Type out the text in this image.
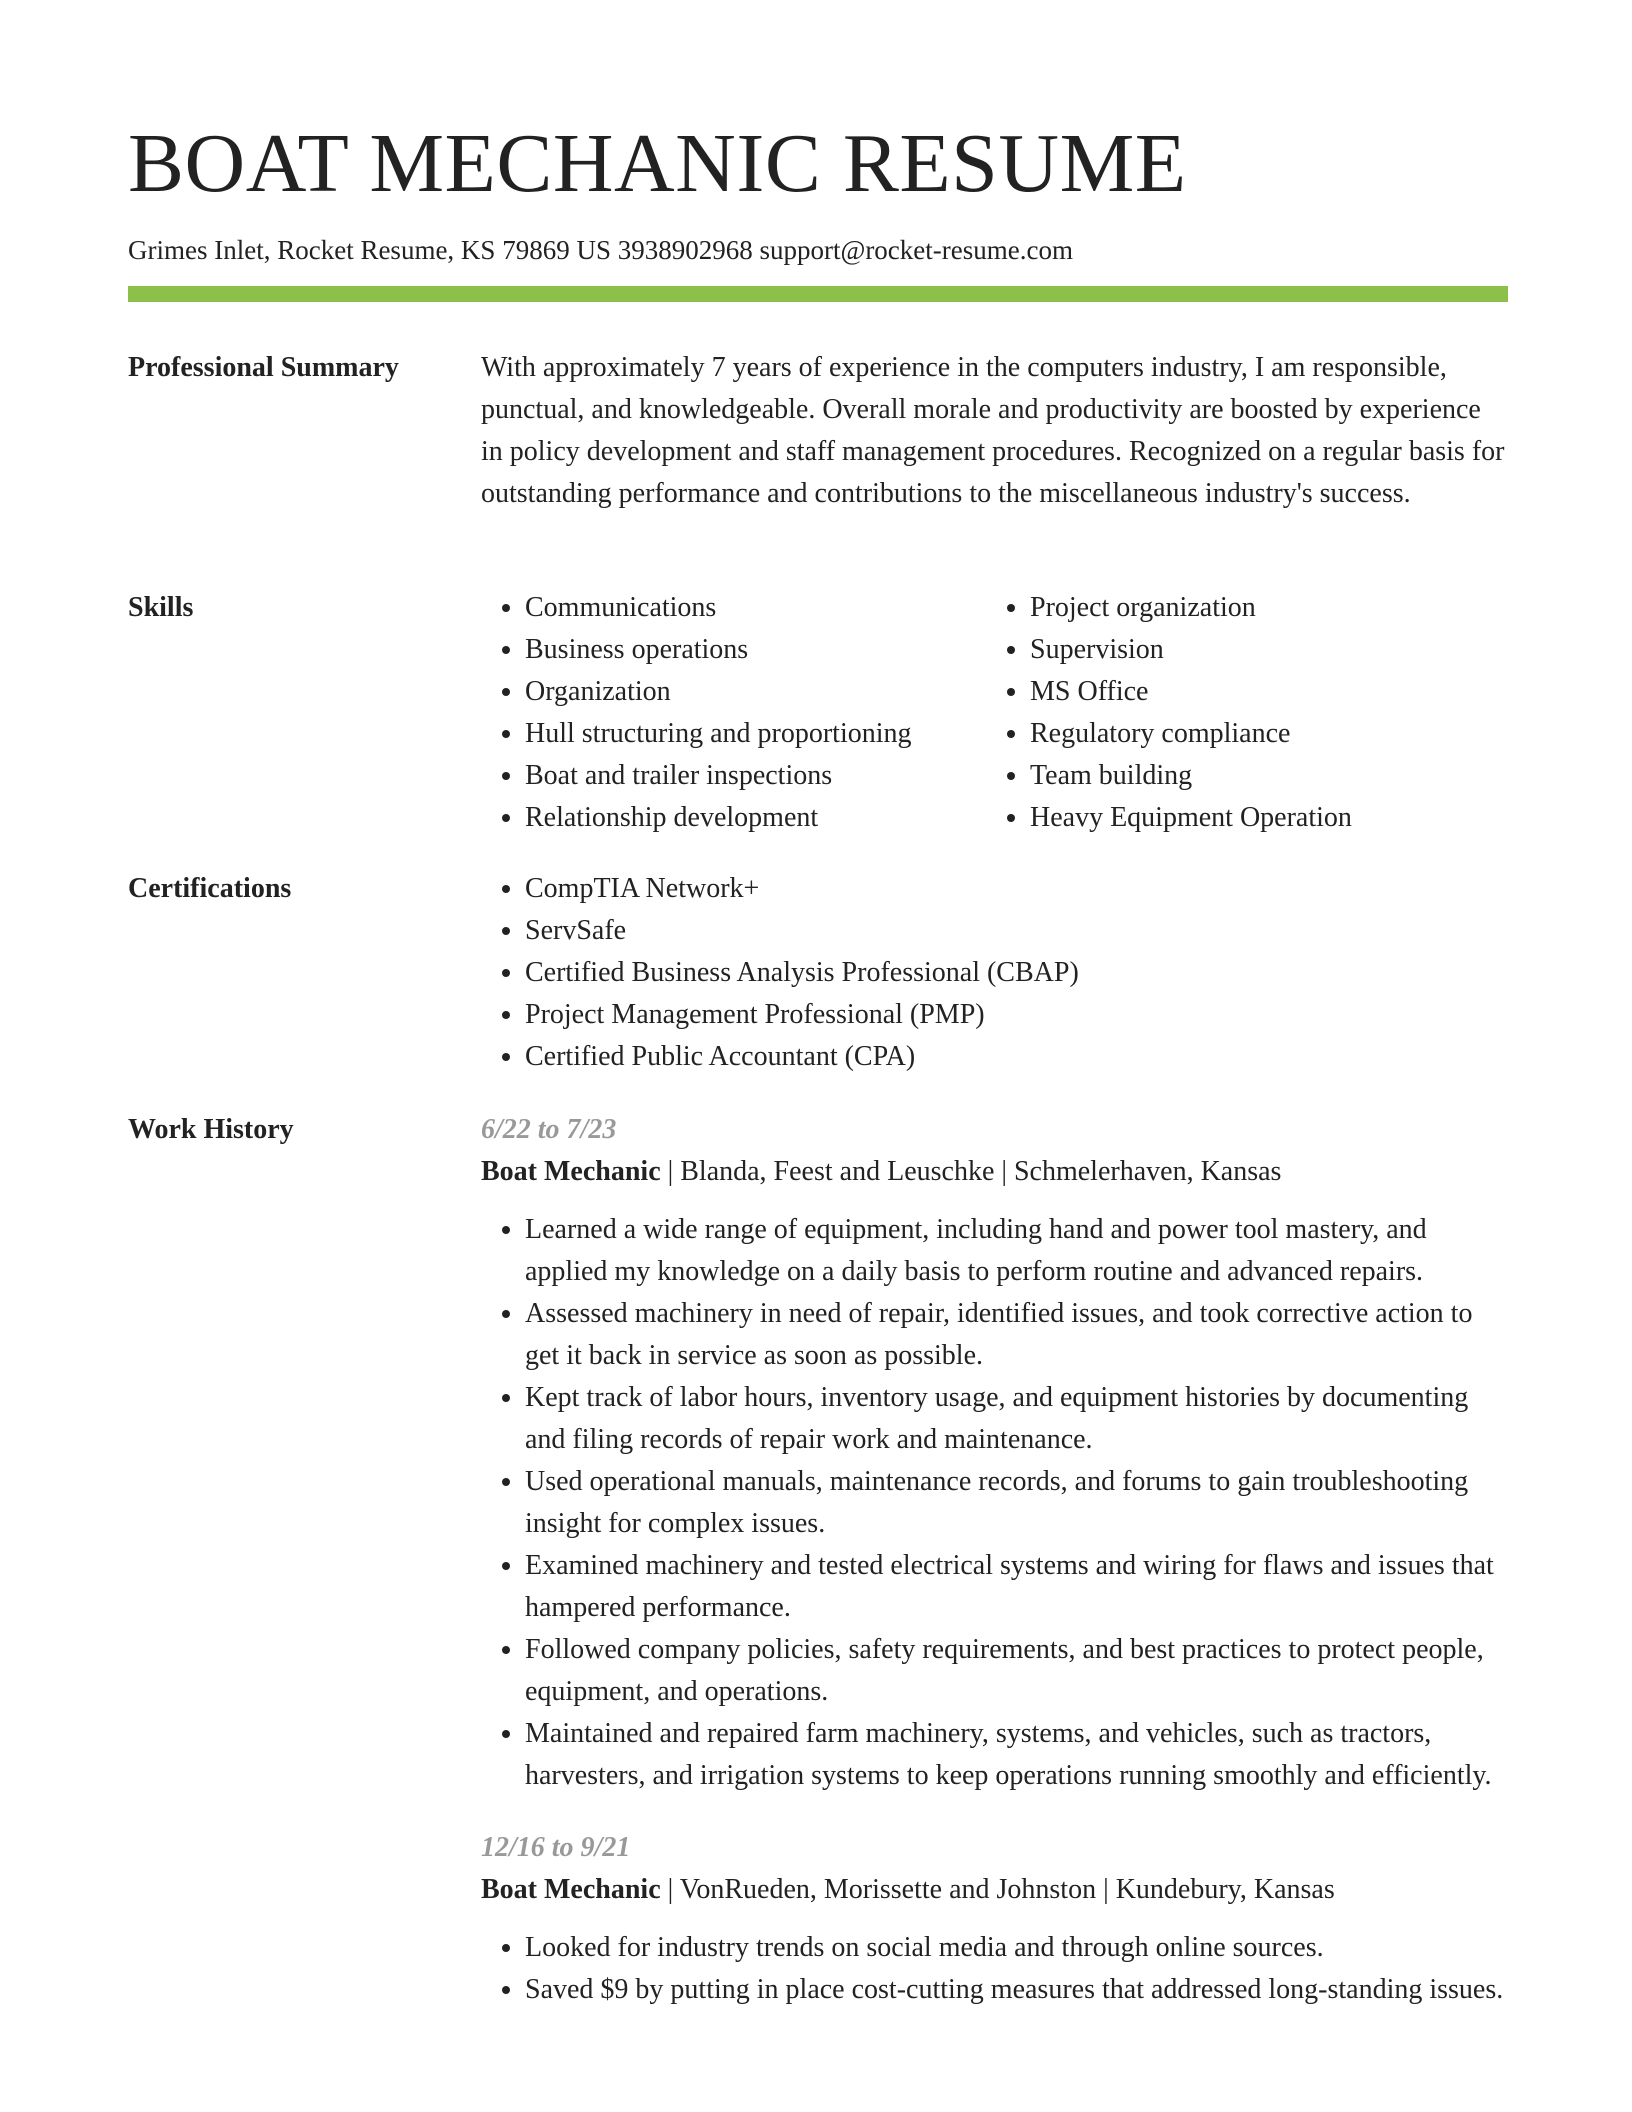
BOAT MECHANIC RESUME
Grimes Inlet, Rocket Resume, KS 79869 US 3938902968 support@rocket-resume.com
Professional Summary	With approximately 7 years of experience in the computers industry, I am responsible, punctual, and knowledgeable. Overall morale and productivity are boosted by experience in policy development and staff management procedures. Recognized on a regular basis for outstanding performance and contributions to the miscellaneous industry's success.

Skills	• Communications
• Business operations
• Organization
• Hull structuring and proportioning
• Boat and trailer inspections
• Relationship development
• Project organization
• Supervision
• MS Office
• Regulatory compliance
• Team building
• Heavy Equipment Operation
Certifications	• CompTIA Network+
• ServSafe
• Certified Business Analysis Professional (CBAP)
• Project Management Professional (PMP)
• Certified Public Accountant (CPA)
Work History	6/22 to 7/23
Boat Mechanic | Blanda, Feest and Leuschke | Schmelerhaven, Kansas
• Learned a wide range of equipment, including hand and power tool mastery, and applied my knowledge on a daily basis to perform routine and advanced repairs.
• Assessed machinery in need of repair, identified issues, and took corrective action to get it back in service as soon as possible.
• Kept track of labor hours, inventory usage, and equipment histories by documenting and filing records of repair work and maintenance.
• Used operational manuals, maintenance records, and forums to gain troubleshooting insight for complex issues.
• Examined machinery and tested electrical systems and wiring for flaws and issues that hampered performance.
• Followed company policies, safety requirements, and best practices to protect people, equipment, and operations.
• Maintained and repaired farm machinery, systems, and vehicles, such as tractors, harvesters, and irrigation systems to keep operations running smoothly and efficiently.
12/16 to 9/21
Boat Mechanic | VonRueden, Morissette and Johnston | Kundebury, Kansas
• Looked for industry trends on social media and through online sources.
• Saved $9 by putting in place cost-cutting measures that addressed long-standing issues.
